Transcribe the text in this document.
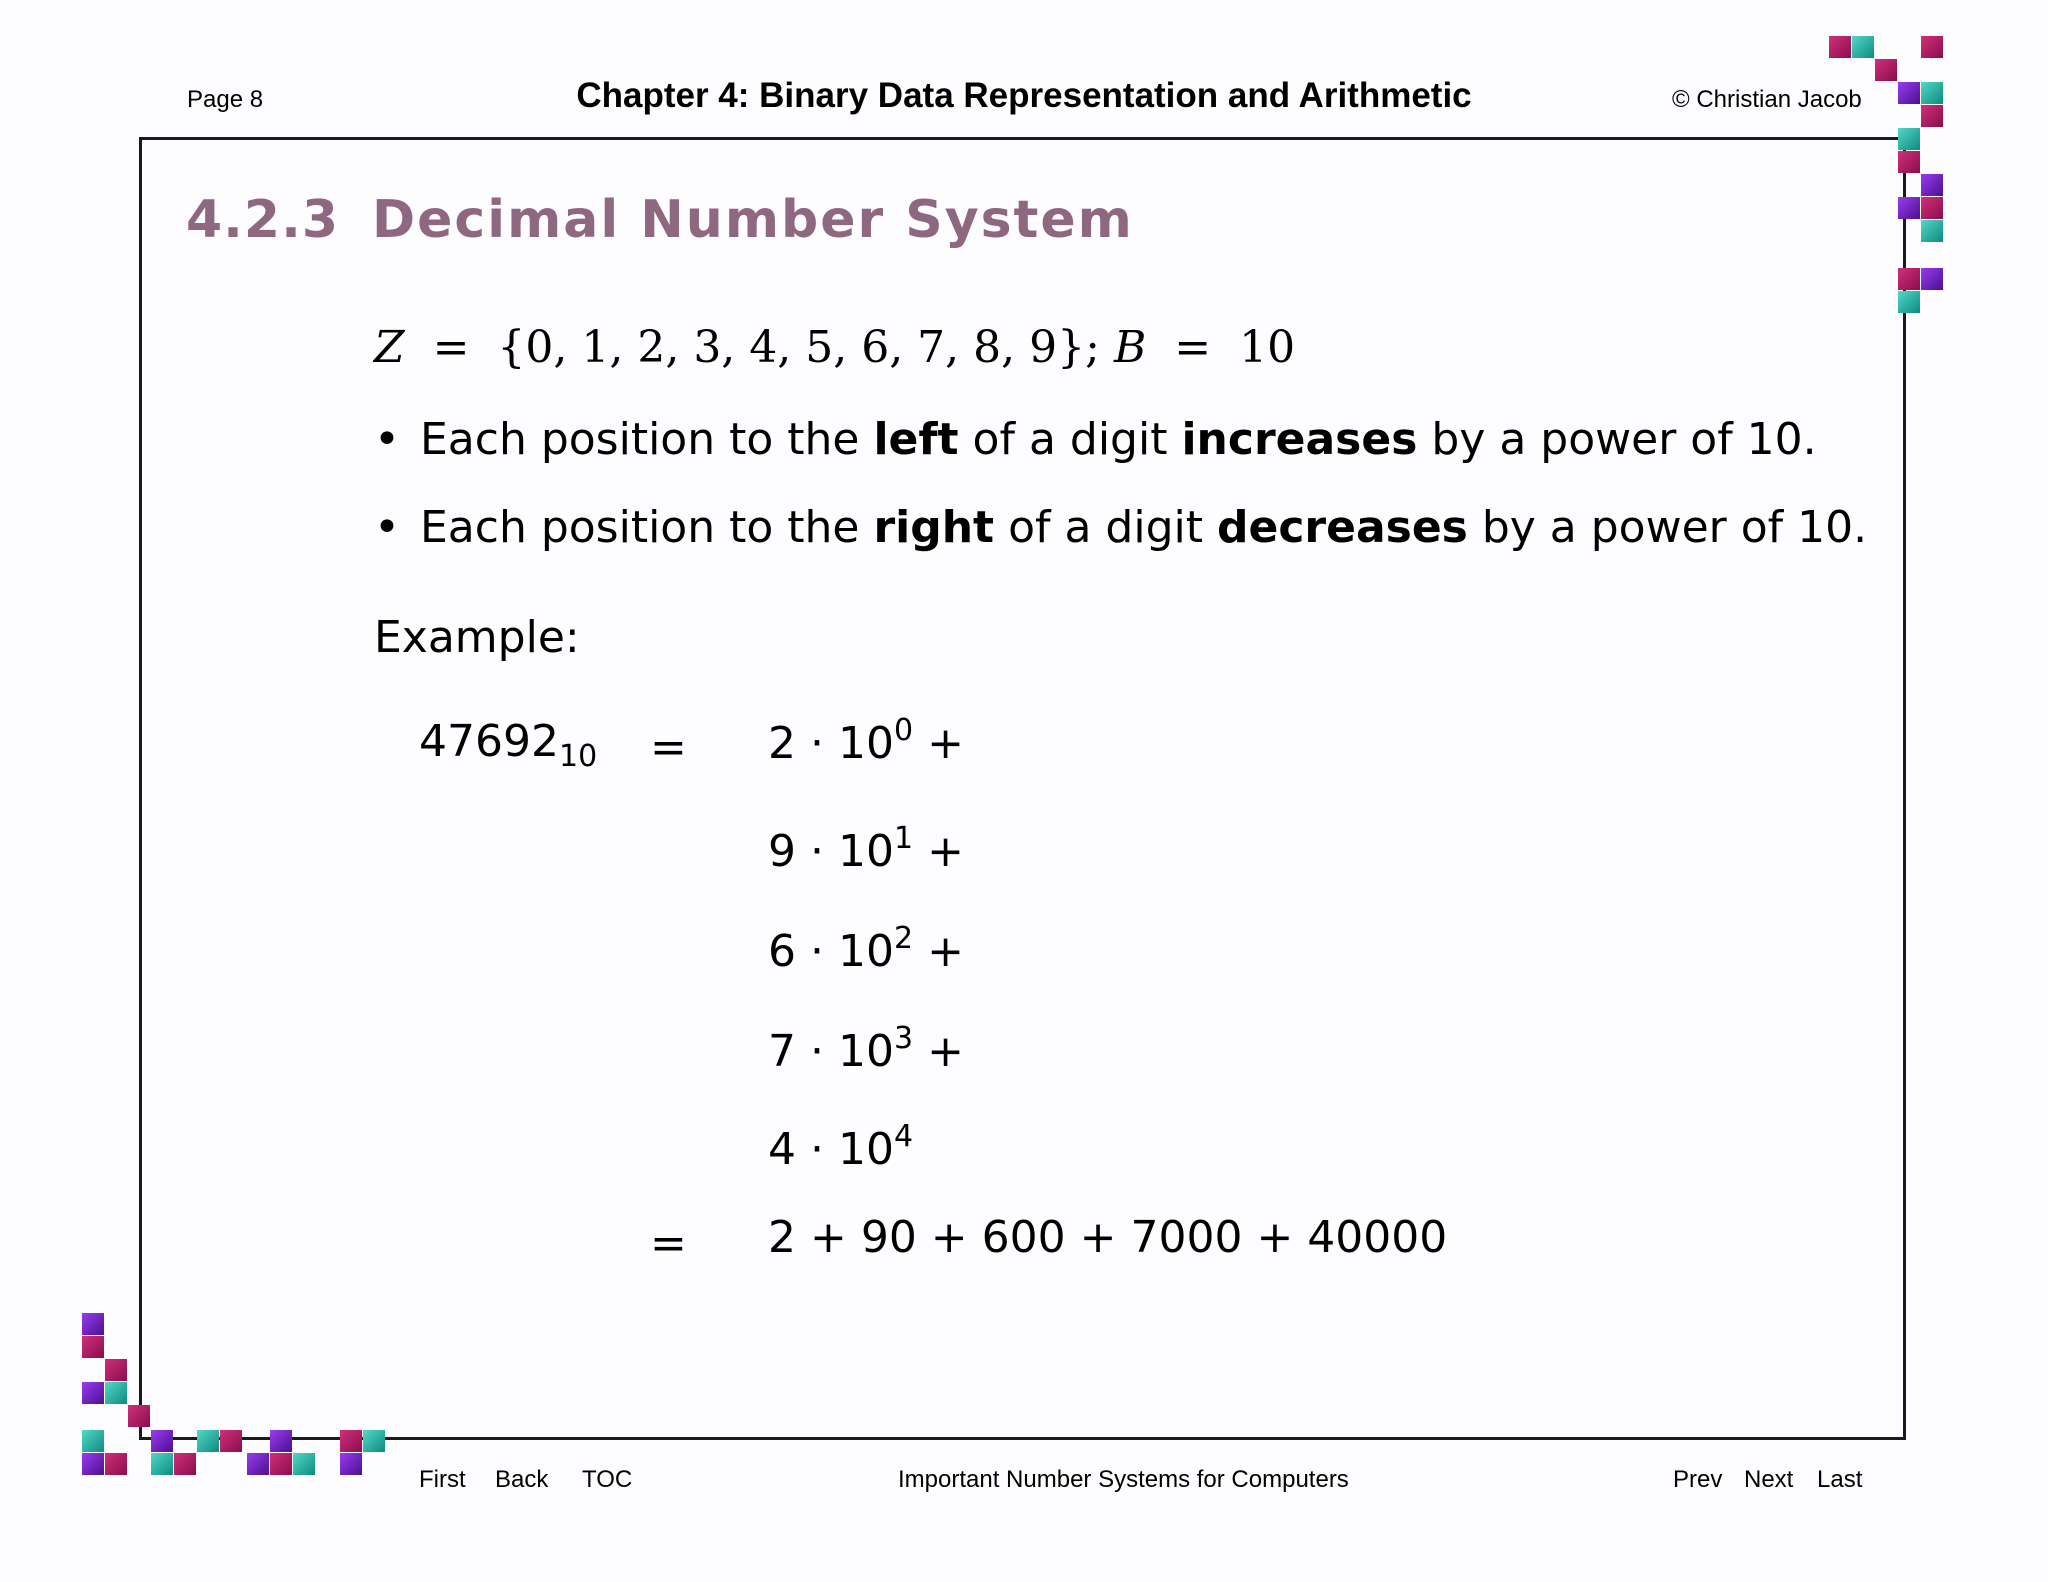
Page 8	Chapter 4: Binary Data Representation and Arithmetic	© Christian Jacob
4.2.3 Decimal Number System
Z = {0, 1, 2, 3, 4, 5, 6, 7, 8, 9}; B = 10
• Each position to the left of a digit increases by a power of 10.
• Each position to the right of a digit decreases by a power of 10.
Example:
$47692_{10} = 2 \cdot 10^0$ +
$9 \cdot 10^1$ +
$6 \cdot 10^2$ +
$7 \cdot 10^3$ +
$4 \cdot 10^4$
= 2 + 90 + 600 + 7000 + 40000
First Back TOC	Important Number Systems for Computers	Prev Next Last
